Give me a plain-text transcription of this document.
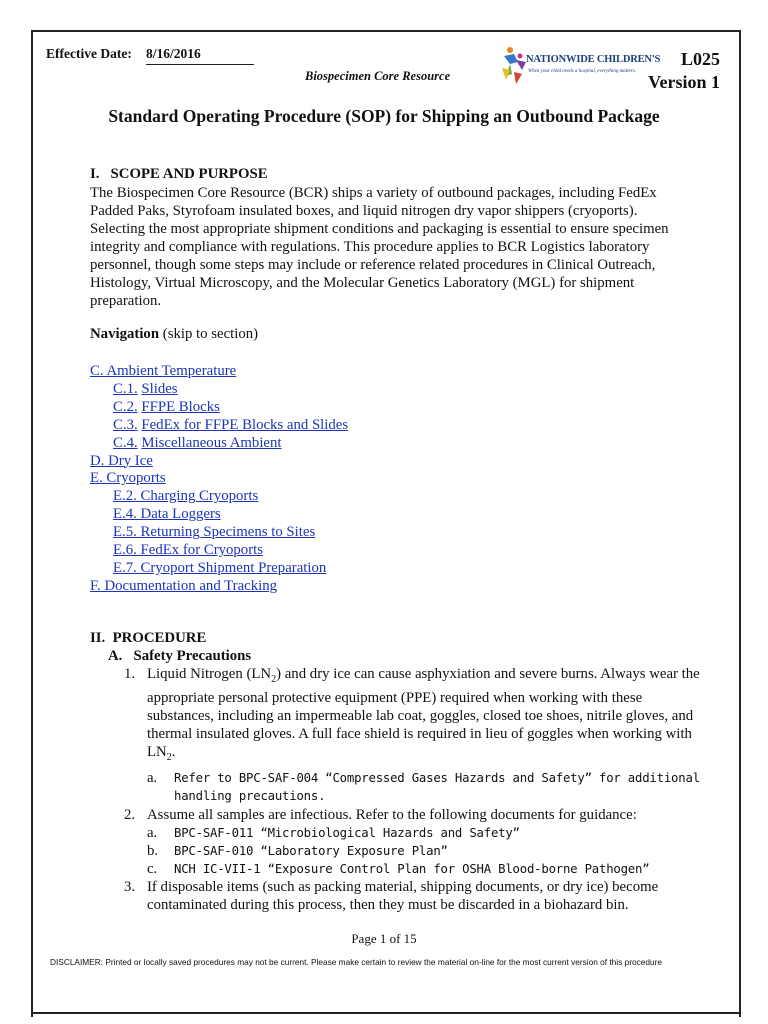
Effective Date: 8/16/2016
Biospecimen Core Resource
NATIONWIDE CHILDREN'S
When your child needs a hospital, everything matters.
L025
Version 1
Standard Operating Procedure (SOP) for Shipping an Outbound Package
I.   SCOPE AND PURPOSE
The Biospecimen Core Resource (BCR) ships a variety of outbound packages, including FedEx Padded Paks, Styrofoam insulated boxes, and liquid nitrogen dry vapor shippers (cryoports). Selecting the most appropriate shipment conditions and packaging is essential to ensure specimen integrity and compliance with regulations. This procedure applies to BCR Logistics laboratory personnel, though some steps may include or reference related procedures in Clinical Outreach, Histology, Virtual Microscopy, and the Molecular Genetics Laboratory (MGL) for shipment preparation.
Navigation (skip to section)
C. Ambient Temperature
C.1. Slides
C.2. FFPE Blocks
C.3. FedEx for FFPE Blocks and Slides
C.4. Miscellaneous Ambient
D. Dry Ice
E. Cryoports
E.2. Charging Cryoports
E.4. Data Loggers
E.5. Returning Specimens to Sites
E.6. FedEx for Cryoports
E.7. Cryoport Shipment Preparation
F. Documentation and Tracking
II.  PROCEDURE
A.   Safety Precautions
1. Liquid Nitrogen $(LN_2)$ and dry ice can cause asphyxiation and severe burns. Always wear the appropriate personal protective equipment (PPE) required when working with these substances, including an impermeable lab coat, goggles, closed toe shoes, nitrile gloves, and thermal insulated gloves. A full face shield is required in lieu of goggles when working with $LN_2$.
a. Refer to BPC-SAF-004 “Compressed Gases Hazards and Safety” for additional handling precautions.
2. Assume all samples are infectious. Refer to the following documents for guidance:
a. BPC-SAF-011 “Microbiological Hazards and Safety”
b. BPC-SAF-010 “Laboratory Exposure Plan”
c. NCH IC-VII-1 “Exposure Control Plan for OSHA Blood-borne Pathogen”
3. If disposable items (such as packing material, shipping documents, or dry ice) become contaminated during this process, then they must be discarded in a biohazard bin.
Page 1 of 15
DISCLAIMER: Printed or locally saved procedures may not be current. Please make certain to review the material on-line for the most current version of this procedure
